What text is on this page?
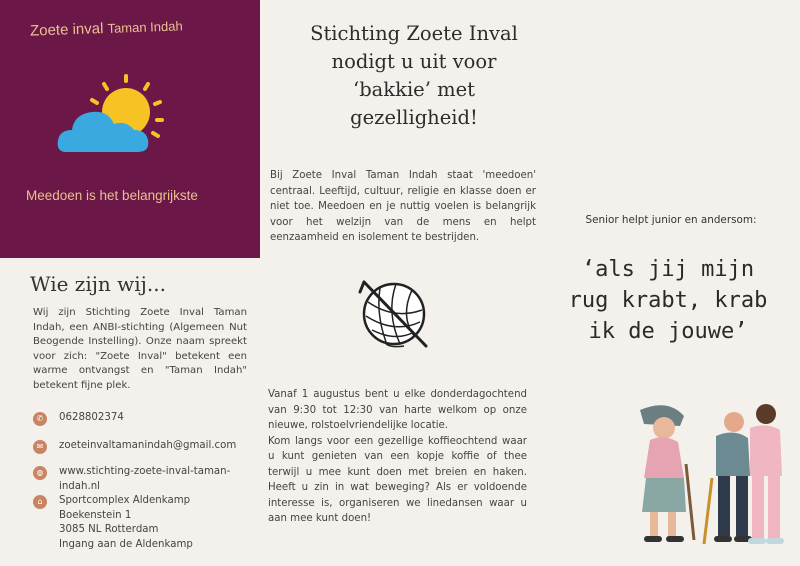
Zoete inval Taman Indah
Meedoen is het belangrijkste
Wie zijn wij...
Wij zijn Stichting Zoete Inval Taman Indah, een ANBI-stichting (Algemeen Nut Beogende Instelling). Onze naam spreekt voor zich: "Zoete Inval" betekent een warme ontvangst en "Taman Indah" betekent fijne plek.
✆	0628802374
✉	zoeteinvaltamanindah@gmail.com
◍	www.stichting-zoete-inval-taman-indah.nl
⌂	Sportcomplex Aldenkamp
Boekenstein 1
3085 NL Rotterdam
Ingang aan de Aldenkamp
Stichting Zoete Inval nodigt u uit voor ‘bakkie’ met gezelligheid!
Bij Zoete Inval Taman Indah staat 'meedoen' centraal. Leeftijd, cultuur, religie en klasse doen er niet toe. Meedoen en je nuttig voelen is belangrijk voor het welzijn van de mens en helpt eenzaamheid en isolement te bestrijden.

Vanaf 1 augustus bent u elke donderdagochtend van 9:30 tot 12:30 van harte welkom op onze nieuwe, rolstoelvriendelijke locatie.

Kom langs voor een gezellige koffieochtend waar u kunt genieten van een kopje koffie of thee terwijl u mee kunt doen met breien en haken. Heeft u zin in wat beweging? Als er voldoende interesse is, organiseren we linedansen waar u aan mee kunt doen!

Senior helpt junior en andersom:
‘als jij mijn rug krabt, krab ik de jouwe’
